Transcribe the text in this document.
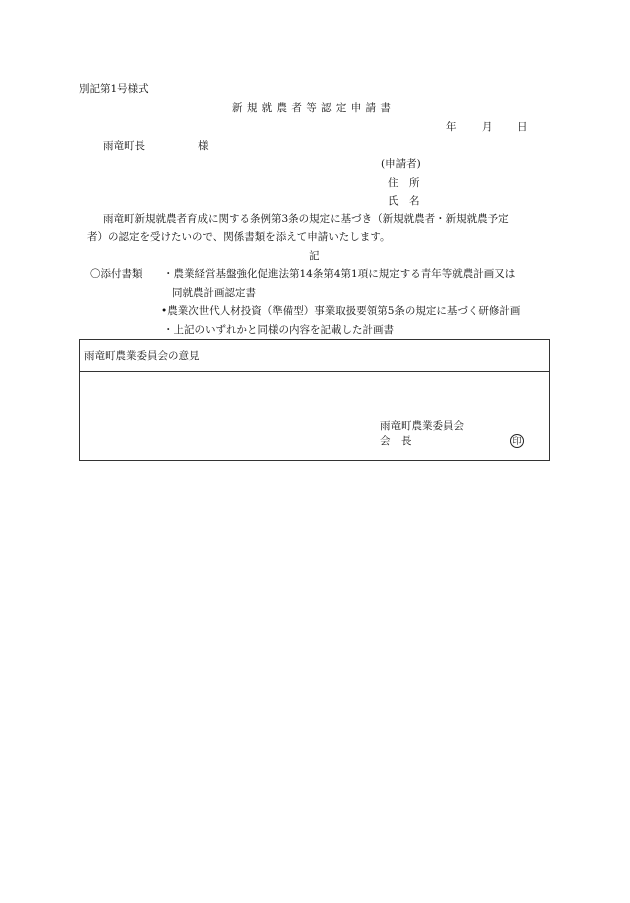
別記第1号様式
新 規 就 農 者 等 認 定 申 請 書
年 月 日
雨竜町長	様
(申請者)
住　所
氏　名
雨竜町新規就農者育成に関する条例第3条の規定に基づき（新規就農者・新規就農予定
者）の認定を受けたいので、関係書類を添えて申請いたします。
記
〇添付書類 ・農業経営基盤強化促進法第14条第4第1項に規定する青年等就農計画又は
同就農計画認定書
•農業次世代人材投資（準備型）事業取扱要領第5条の規定に基づく研修計画
・上記のいずれかと同様の内容を記載した計画書
雨竜町農業委員会の意見
雨竜町農業委員会
会　長	印
